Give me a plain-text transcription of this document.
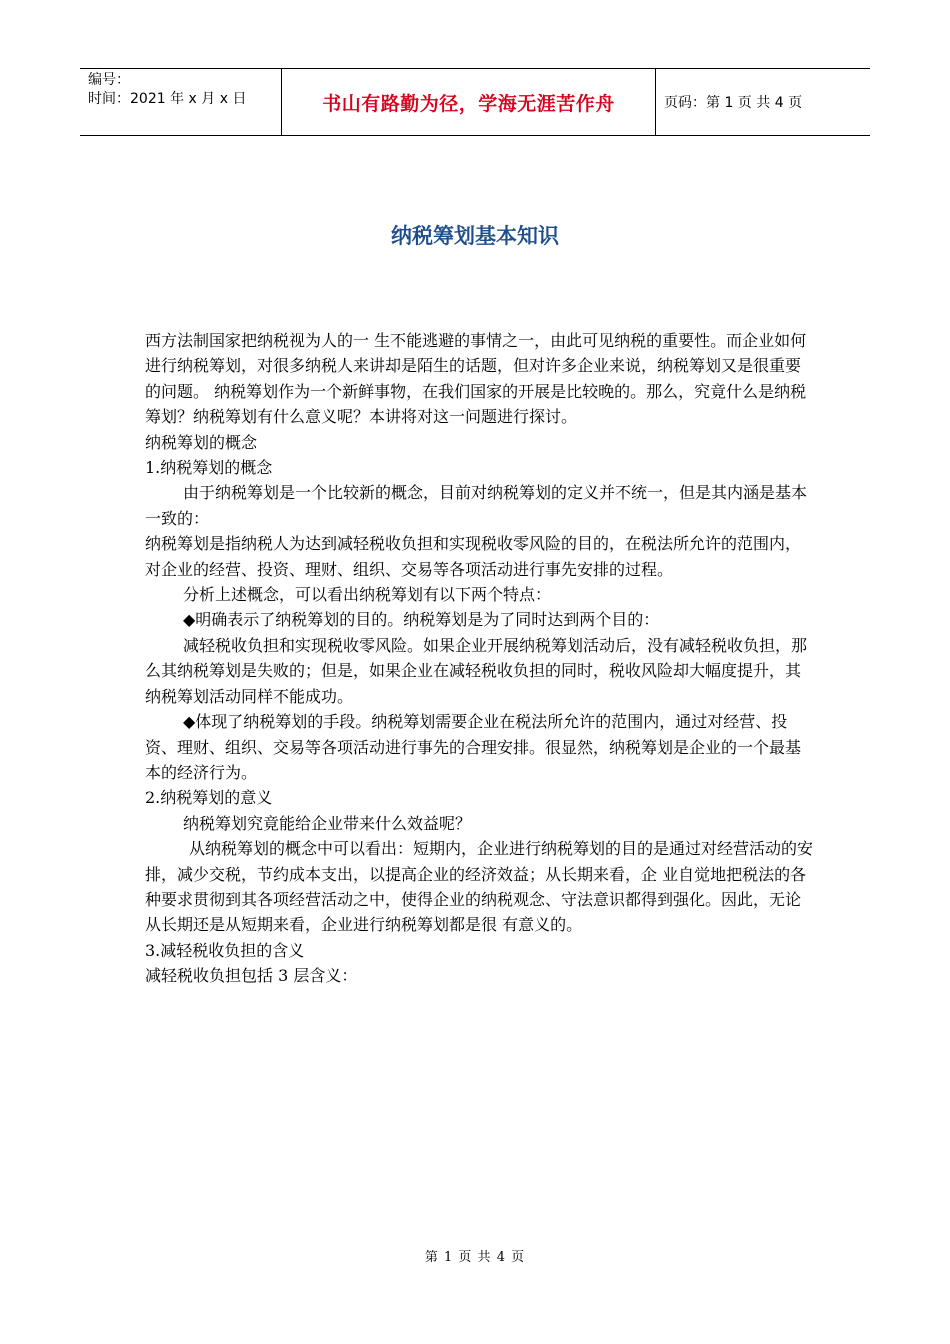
编号：
时间：2021 年 x 月 x 日	书山有路勤为径，学海无涯苦作舟	页码：第 1 页 共 4 页
纳税筹划基本知识

西方法制国家把纳税视为人的一 生不能逃避的事情之一，由此可见纳税的重要性。而企业如何进行纳税筹划，对很多纳税人来讲却是陌生的话题，但对许多企业来说，纳税筹划又是很重要的问题。 纳税筹划作为一个新鲜事物，在我们国家的开展是比较晚的。那么，究竟什么是纳税筹划？纳税筹划有什么意义呢？本讲将对这一问题进行探讨。

纳税筹划的概念

1.纳税筹划的概念

由于纳税筹划是一个比较新的概念，目前对纳税筹划的定义并不统一，但是其内涵是基本一致的：

纳税筹划是指纳税人为达到减轻税收负担和实现税收零风险的目的，在税法所允许的范围内，对企业的经营、投资、理财、组织、交易等各项活动进行事先安排的过程。

分析上述概念，可以看出纳税筹划有以下两个特点：

◆明确表示了纳税筹划的目的。纳税筹划是为了同时达到两个目的：

减轻税收负担和实现税收零风险。如果企业开展纳税筹划活动后，没有减轻税收负担，那么其纳税筹划是失败的；但是，如果企业在减轻税收负担的同时，税收风险却大幅度提升，其纳税筹划活动同样不能成功。

◆体现了纳税筹划的手段。纳税筹划需要企业在税法所允许的范围内，通过对经营、投资、理财、组织、交易等各项活动进行事先的合理安排。很显然，纳税筹划是企业的一个最基本的经济行为。

2.纳税筹划的意义

纳税筹划究竟能给企业带来什么效益呢？

从纳税筹划的概念中可以看出：短期内，企业进行纳税筹划的目的是通过对经营活动的安排，减少交税，节约成本支出，以提高企业的经济效益；从长期来看，企 业自觉地把税法的各种要求贯彻到其各项经营活动之中，使得企业的纳税观念、守法意识都得到强化。因此，无论从长期还是从短期来看，企业进行纳税筹划都是很 有意义的。

3.减轻税收负担的含义

减轻税收负担包括 3 层含义：

第 1 页 共 4 页
